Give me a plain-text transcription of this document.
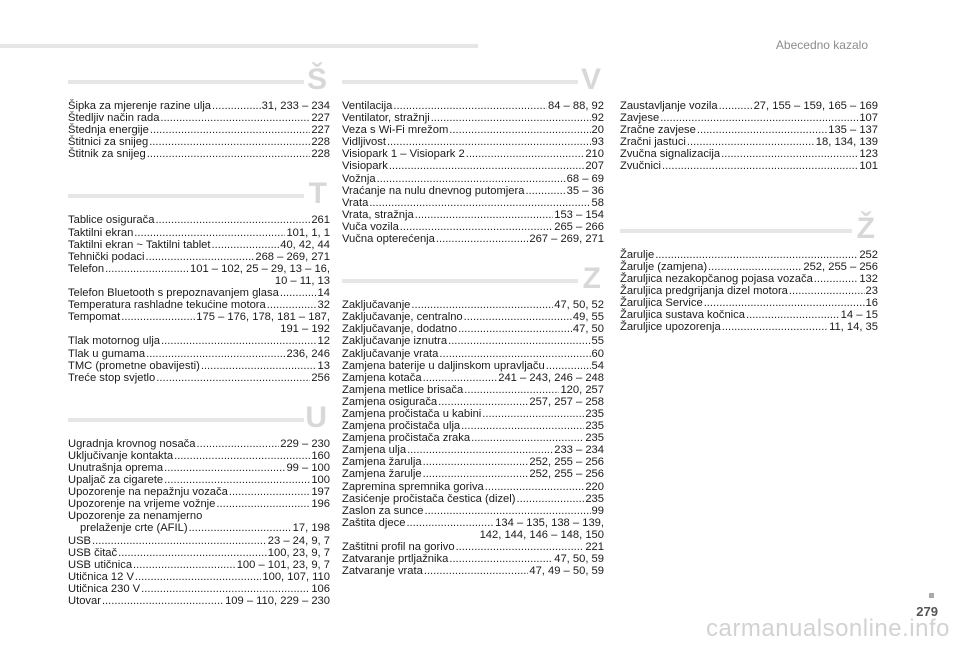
Abecedno kazalo
Š
Šipka za mjerenje razine ulja .....	31, 233 – 234
Štedljiv način rada .....	227
Štednja energije .....	227
Štitnici za snijeg .....	228
Štitnik za snijeg .....	228
T
Tablice osigurača .....	261
Taktilni ekran .....	101, 1, 1
Taktilni ekran ~ Taktilni tablet .....	40, 42, 44
Tehnički podaci .....	268 – 269, 271
Telefon .....	101 – 102, 25 – 29, 13 – 16,
10 – 11, 13
Telefon Bluetooth s prepoznavanjem glasa .....	14
Temperatura rashladne tekućine motora .....	32
Tempomat .....	175 – 176, 178, 181 – 187,
191 – 192
Tlak motornog ulja .....	12
Tlak u gumama .....	236, 246
TMC (prometne obavijesti) .....	13
Treće stop svjetlo .....	256
U
Ugradnja krovnog nosača .....	229 – 230
Uključivanje kontakta .....	160
Unutrašnja oprema .....	99 – 100
Upaljač za cigarete .....	100
Upozorenje na nepažnju vozača .....	197
Upozorenje na vrijeme vožnje .....	196
Upozorenje za nenamjerno
prelaženje crte (AFIL) .....	17, 198
USB .....	23 – 24, 9, 7
USB čitač .....	100, 23, 9, 7
USB utičnica .....	100 – 101, 23, 9, 7
Utičnica 12 V .....	100, 107, 110
Utičnica 230 V .....	106
Utovar .....	109 – 110, 229 – 230
V
Ventilacija .....	84 – 88, 92
Ventilator, stražnji .....	92
Veza s Wi-Fi mrežom .....	20
Vidljivost .....	93
Visiopark 1 – Visiopark 2 .....	210
Visiopark .....	207
Vožnja .....	68 – 69
Vraćanje na nulu dnevnog putomjera .....	35 – 36
Vrata .....	58
Vrata, stražnja .....	153 – 154
Vuča vozila .....	265 – 266
Vučna opterećenja .....	267 – 269, 271
Z
Zaključavanje .....	47, 50, 52
Zaključavanje, centralno .....	49, 55
Zaključavanje, dodatno .....	47, 50
Zaključavanje iznutra .....	55
Zaključavanje vrata .....	60
Zamjena baterije u daljinskom upravljaču .....	54
Zamjena kotača .....	241 – 243, 246 – 248
Zamjena metlice brisača .....	120, 257
Zamjena osigurača .....	257, 257 – 258
Zamjena pročistača u kabini .....	235
Zamjena pročistača ulja .....	235
Zamjena pročistača zraka .....	235
Zamjena ulja .....	233 – 234
Zamjena žarulja .....	252, 255 – 256
Zamjena žarulje .....	252, 255 – 256
Zapremina spremnika goriva .....	220
Zasićenje pročistača čestica (dizel) .....	235
Zaslon za sunce .....	99
Zaštita djece .....	134 – 135, 138 – 139,
142, 144, 146 – 148, 150
Zaštitni profil na gorivo .....	221
Zatvaranje prtljažnika .....	47, 50, 59
Zatvaranje vrata .....	47, 49 – 50, 59
Zaustavljanje vozila .....	27, 155 – 159, 165 – 169
Zavjese .....	107
Zračne zavjese .....	135 – 137
Zračni jastuci .....	18, 134, 139
Zvučna signalizacija .....	123
Zvučnici .....	101
Ž
Žarulje .....	252
Žarulje (zamjena) .....	252, 255 – 256
Žaruljica nezakopčanog pojasa vozača .....	132
Žaruljica predgrijanja dizel motora .....	23
Žaruljica Service .....	16
Žaruljica sustava kočnica .....	14 – 15
Žaruljice upozorenja .....	11, 14, 35
279
carmanualsonline.info
